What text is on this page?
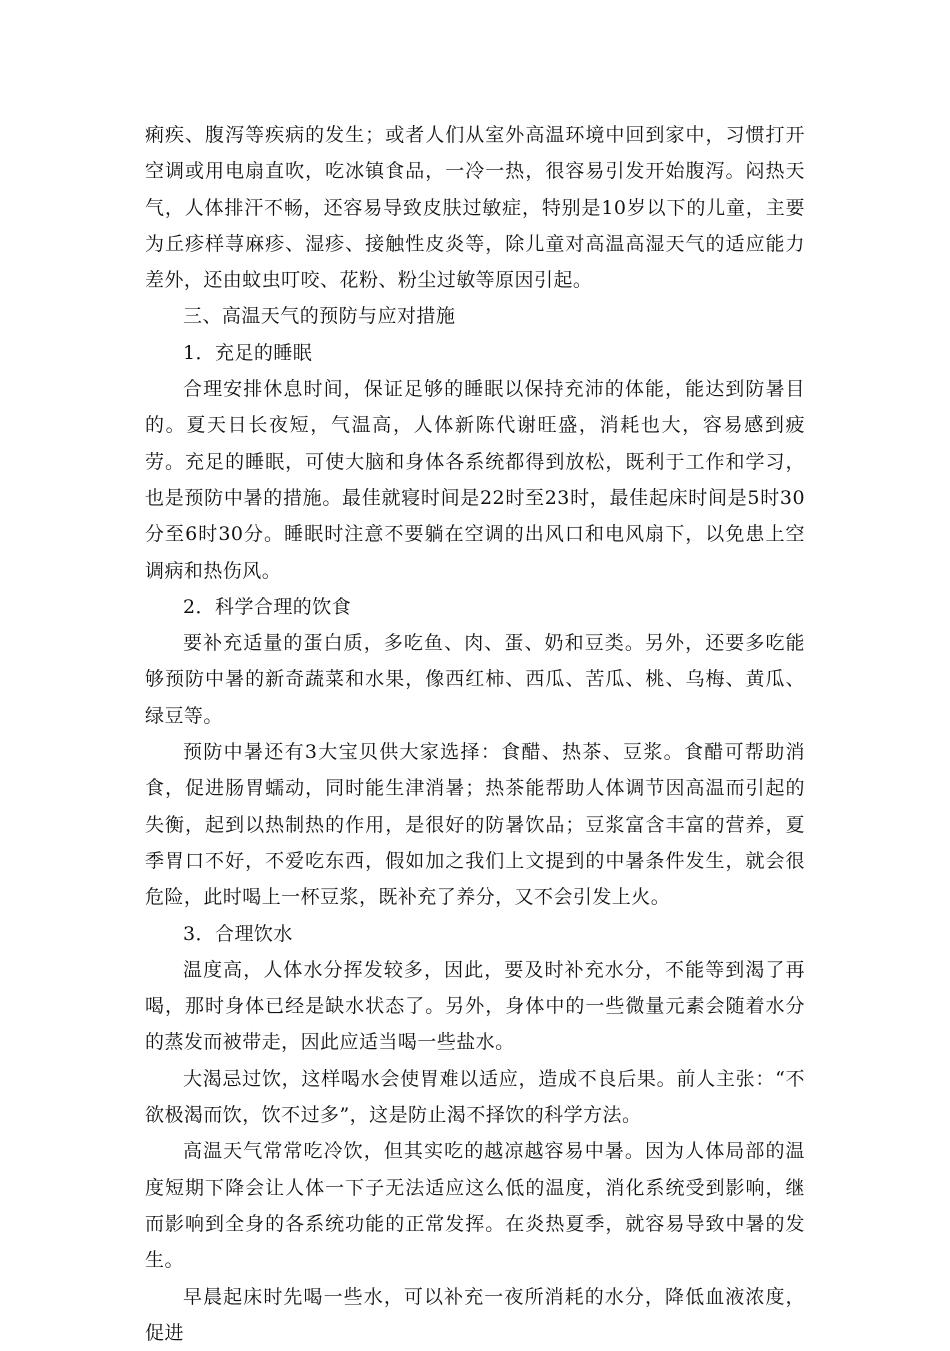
痢疾、腹泻等疾病的发生；或者人们从室外高温环境中回到家中，习惯打开空调或用电扇直吹，吃冰镇食品，一冷一热，很容易引发开始腹泻。闷热天气，人体排汗不畅，还容易导致皮肤过敏症，特别是10岁以下的儿童，主要为丘疹样荨麻疹、湿疹、接触性皮炎等，除儿童对高温高湿天气的适应能力差外，还由蚊虫叮咬、花粉、粉尘过敏等原因引起。

三、高温天气的预防与应对措施

1．充足的睡眠

合理安排休息时间，保证足够的睡眠以保持充沛的体能，能达到防暑目的。夏天日长夜短，气温高，人体新陈代谢旺盛，消耗也大，容易感到疲劳。充足的睡眠，可使大脑和身体各系统都得到放松，既利于工作和学习，也是预防中暑的措施。最佳就寝时间是22时至23时，最佳起床时间是5时30分至6时30分。睡眠时注意不要躺在空调的出风口和电风扇下，以免患上空调病和热伤风。

2．科学合理的饮食

要补充适量的蛋白质，多吃鱼、肉、蛋、奶和豆类。另外，还要多吃能够预防中暑的新奇蔬菜和水果，像西红柿、西瓜、苦瓜、桃、乌梅、黄瓜、绿豆等。

预防中暑还有3大宝贝供大家选择：食醋、热茶、豆浆。食醋可帮助消食，促进肠胃蠕动，同时能生津消暑；热茶能帮助人体调节因高温而引起的失衡，起到以热制热的作用，是很好的防暑饮品；豆浆富含丰富的营养，夏季胃口不好，不爱吃东西，假如加之我们上文提到的中暑条件发生，就会很危险，此时喝上一杯豆浆，既补充了养分，又不会引发上火。

3．合理饮水

温度高，人体水分挥发较多，因此，要及时补充水分，不能等到渴了再喝，那时身体已经是缺水状态了。另外，身体中的一些微量元素会随着水分的蒸发而被带走，因此应适当喝一些盐水。

大渴忌过饮，这样喝水会使胃难以适应，造成不良后果。前人主张：“不欲极渴而饮，饮不过多”，这是防止渴不择饮的科学方法。

高温天气常常吃冷饮，但其实吃的越凉越容易中暑。因为人体局部的温度短期下降会让人体一下子无法适应这么低的温度，消化系统受到影响，继而影响到全身的各系统功能的正常发挥。在炎热夏季，就容易导致中暑的发生。

早晨起床时先喝一些水，可以补充一夜所消耗的水分，降低血液浓度，促进
